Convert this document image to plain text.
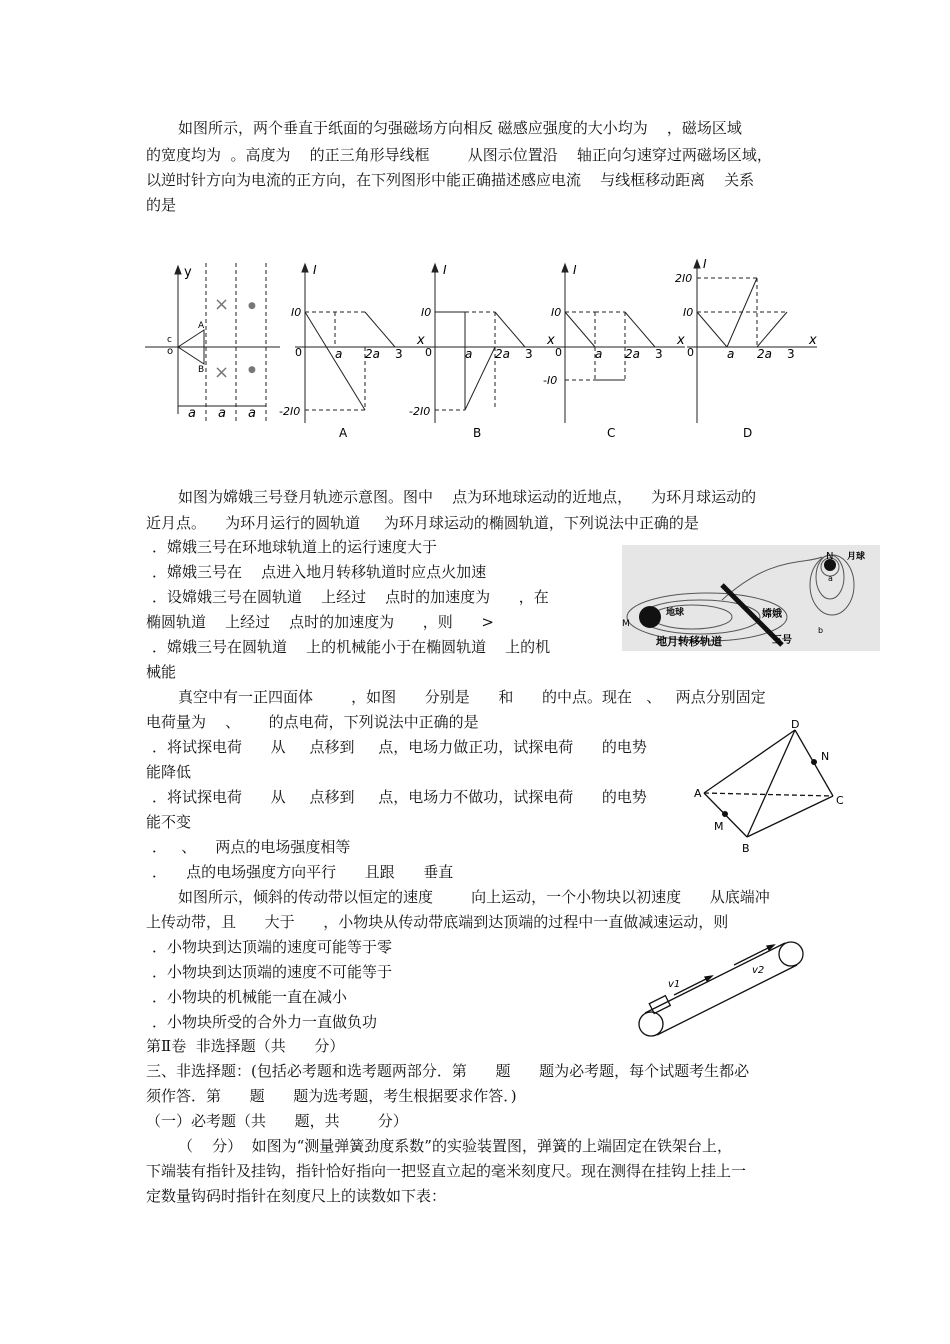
如图所示，两个垂直于纸面的匀强磁场方向相反 磁感应强度的大小均为    ，磁场区域
的宽度均为  。高度为    的正三角形导线框        从图示位置沿    轴正向匀速穿过两磁场区域，
以逆时针方向为电流的正方向，在下列图形中能正确描述感应电流    与线框移动距离    关系
的是
y
c
o
A
B
×
×
●
●
a a a
I
I0
0	a 2a 3
x
-2I0
A
I
I0
0	a 2a 3
x
-2I0
B
I
I0
0	a 2a 3
x
-I0
C
I
2I0
I0
0	a 2a 3
x
D
如图为嫦娥三号登月轨迹示意图。图中    点为环地球运动的近地点，    为环月球运动的
近月点。    为环月运行的圆轨道     为环月球运动的椭圆轨道，下列说法中正确的是
．嫦娥三号在环地球轨道上的运行速度大于
．嫦娥三号在    点进入地月转移轨道时应点火加速
．设嫦娥三号在圆轨道    上经过    点时的加速度为      ，在
椭圆轨道    上经过    点时的加速度为      ，则      >
．嫦娥三号在圆轨道    上的机械能小于在椭圆轨道    上的机
械能
N 月球
a
b
M
地球	嫦娥
三号
地月转移轨道
真空中有一正四面体        ，如图      分别是      和      的中点。现在   、   两点分别固定
电荷量为    、      的点电荷，下列说法中正确的是
．将试探电荷      从     点移到     点，电场力做正功，试探电荷      的电势
能降低
．将试探电荷      从     点移到     点，电场力不做功，试探电荷      的电势
能不变
．   、    两点的电场强度相等
．    点的电场强度方向平行      且跟      垂直
D
N
A
C
M
B
如图所示，倾斜的传动带以恒定的速度        向上运动，一个小物块以初速度      从底端冲
上传动带，且      大于      ，小物块从传动带底端到达顶端的过程中一直做减速运动，则
．小物块到达顶端的速度可能等于零
．小物块到达顶端的速度不可能等于
．小物块的机械能一直在减小
．小物块所受的合外力一直做负功
v1
v2
第Ⅱ卷  非选择题（共      分）
三、非选择题：(包括必考题和选考题两部分．第      题      题为必考题，每个试题考生都必
须作答．第      题      题为选考题，考生根据要求作答．)
（一）必考题（共      题，共        分）
（    分）  如图为“测量弹簧劲度系数”的实验装置图，弹簧的上端固定在铁架台上，
下端装有指针及挂钩，指针恰好指向一把竖直立起的毫米刻度尺。现在测得在挂钩上挂上一
定数量钩码时指针在刻度尺上的读数如下表：
